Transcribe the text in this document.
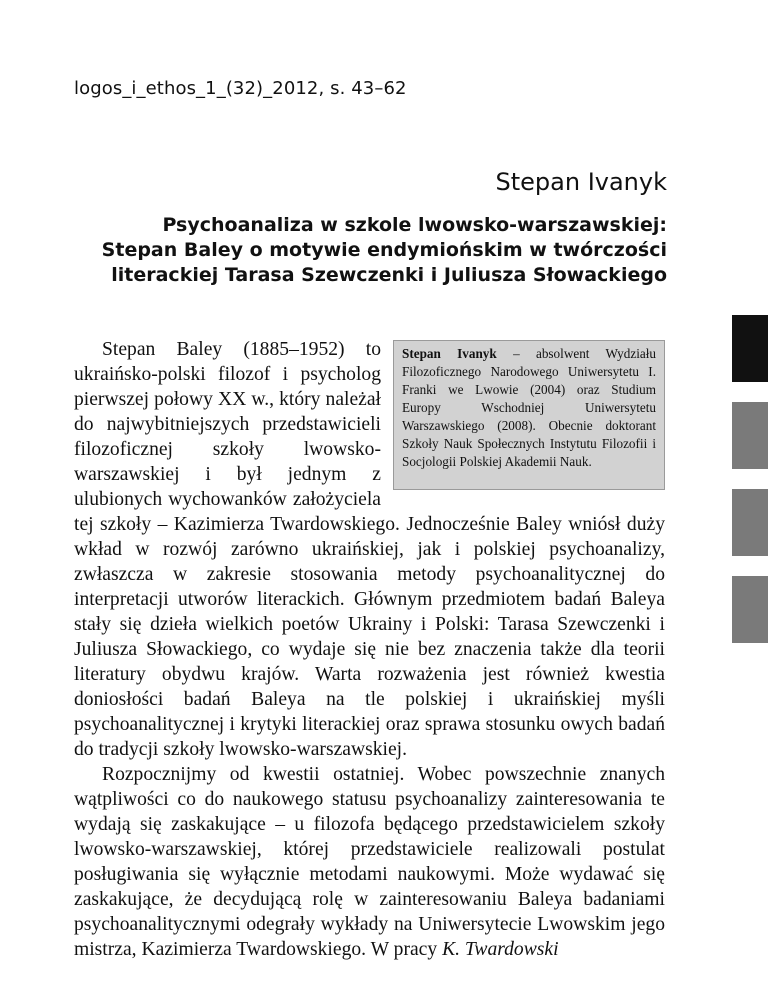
logos_i_ethos_1_(32)_2012, s. 43–62
Stepan Ivanyk
Psychoanaliza w szkole lwowsko-warszawskiej:
Stepan Baley o motywie endymiońskim w twórczości
literackiej Tarasa Szewczenki i Juliusza Słowackiego
Stepan Ivanyk – absolwent Wydziału Filozoficznego Narodowego Uniwersytetu I. Franki we Lwowie (2004) oraz Studium Europy Wschodniej Uniwersytetu Warszawskiego (2008). Obecnie doktorant Szkoły Nauk Społecznych Instytutu Filozofii i Socjologii Polskiej Akademii Nauk.

Stepan Baley (1885–1952) to ukraińsko-polski filozof i psycholog pierwszej połowy XX w., który należał do najwybitniejszych przedstawicieli filozoficznej szkoły lwowsko-warszawskiej i był jednym z ulubionych wychowanków założyciela tej szkoły – Kazimierza Twardowskiego. Jednocześnie Baley wniósł duży wkład w rozwój zarówno ukraińskiej, jak i polskiej psychoanalizy, zwłaszcza w zakresie stosowania metody psychoanalitycznej do interpretacji utworów literackich. Głównym przedmiotem badań Baleya stały się dzieła wielkich poetów Ukrainy i Polski: Tarasa Szewczenki i Juliusza Słowackiego, co wydaje się nie bez znaczenia także dla teorii literatury obydwu krajów. Warta rozważenia jest również kwestia doniosłości badań Baleya na tle polskiej i ukraińskiej myśli psychoanalitycznej i krytyki literackiej oraz sprawa stosunku owych badań do tradycji szkoły lwowsko-warszawskiej.

Rozpocznijmy od kwestii ostatniej. Wobec powszechnie znanych wątpliwości co do naukowego statusu psychoanalizy zainteresowania te wydają się zaskakujące – u filozofa będącego przedstawicielem szkoły lwowsko-warszawskiej, której przedstawiciele realizowali postulat posługiwania się wyłącznie metodami naukowymi. Może wydawać się zaskakujące, że decydującą rolę w zainteresowaniu Baleya badaniami psychoanalitycznymi odegrały wykłady na Uniwersytecie Lwowskim jego mistrza, Kazimierza Twardowskiego. W pracy K. Twardowski
